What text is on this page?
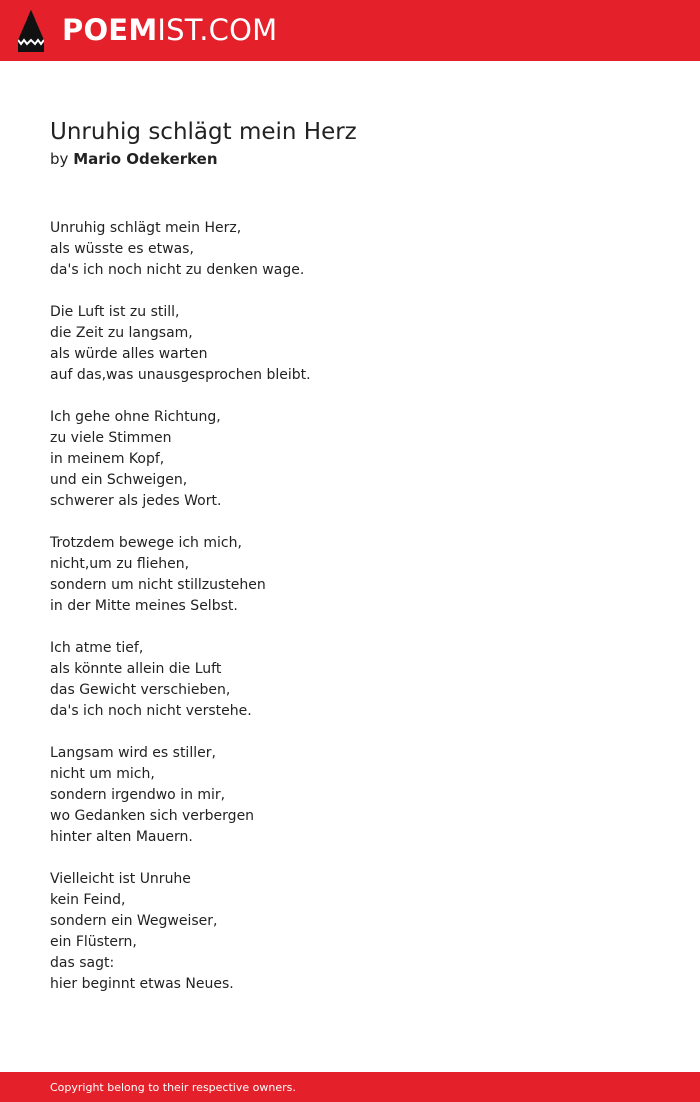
POEMIST.COM
Unruhig schlägt mein Herz
by Mario Odekerken
Unruhig schlägt mein Herz,
als wüsste es etwas,
da's ich noch nicht zu denken wage.
Die Luft ist zu still,
die Zeit zu langsam,
als würde alles warten
auf das,was unausgesprochen bleibt.
Ich gehe ohne Richtung,
zu viele Stimmen
in meinem Kopf,
und ein Schweigen,
schwerer als jedes Wort.
Trotzdem bewege ich mich,
nicht,um zu fliehen,
sondern um nicht stillzustehen
in der Mitte meines Selbst.
Ich atme tief,
als könnte allein die Luft
das Gewicht verschieben,
da's ich noch nicht verstehe.
Langsam wird es stiller,
nicht um mich,
sondern irgendwo in mir,
wo Gedanken sich verbergen
hinter alten Mauern.
Vielleicht ist Unruhe
kein Feind,
sondern ein Wegweiser,
ein Flüstern,
das sagt:
hier beginnt etwas Neues.
Copyright belong to their respective owners.
